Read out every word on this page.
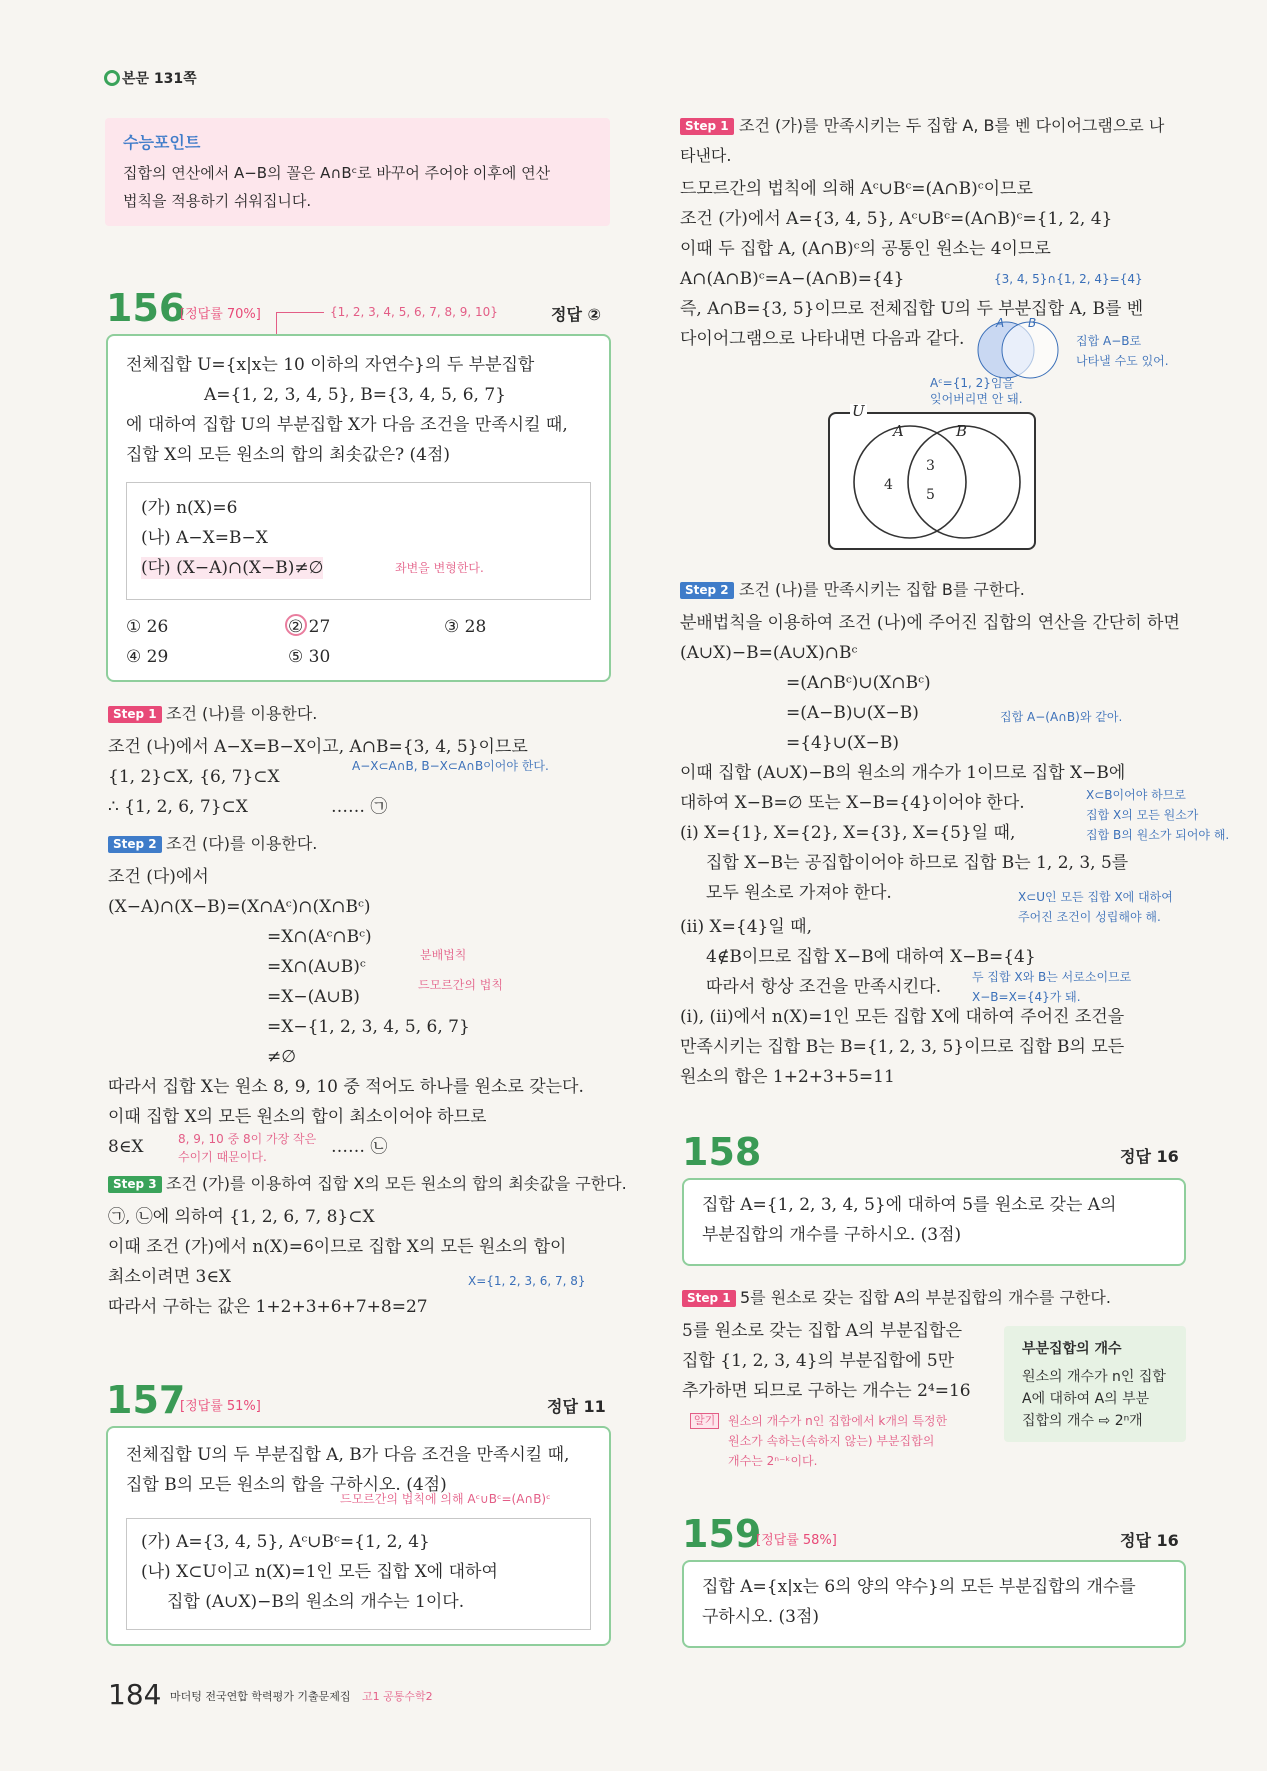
본문 131쪽
수능포인트
집합의 연산에서 A−B의 꼴은 A∩Bᶜ로 바꾸어 주어야 이후에 연산
법칙을 적용하기 쉬워집니다.
156
[정답률 70%]	{1, 2, 3, 4, 5, 6, 7, 8, 9, 10}	정답 ②
전체집합 U={x|x는 10 이하의 자연수}의 두 부분집합
A={1, 2, 3, 4, 5}, B={3, 4, 5, 6, 7}
에 대하여 집합 U의 부분집합 X가 다음 조건을 만족시킬 때,
집합 X의 모든 원소의 합의 최솟값은? (4점)
(가) n(X)=6
(나) A−X=B−X
(다) (X−A)∩(X−B)≠∅	좌변을 변형한다.
① 26	② 27	③ 28
④ 29	⑤ 30
Step 1 조건 (나)를 이용한다.
조건 (나)에서 A−X=B−X이고, A∩B={3, 4, 5}이므로
{1, 2}⊂X, {6, 7}⊂X
A−X⊂A∩B, B−X⊂A∩B이어야 한다.
∴ {1, 2, 6, 7}⊂X	…… ㉠
Step 2 조건 (다)를 이용한다.
조건 (다)에서
(X−A)∩(X−B)=(X∩Aᶜ)∩(X∩Bᶜ)
=X∩(Aᶜ∩Bᶜ)
분배법칙
=X∩(A∪B)ᶜ
드모르간의 법칙
=X−(A∪B)
=X−{1, 2, 3, 4, 5, 6, 7}
≠∅
따라서 집합 X는 원소 8, 9, 10 중 적어도 하나를 원소로 갖는다.
이때 집합 X의 모든 원소의 합이 최소이어야 하므로
8∈X	8, 9, 10 중 8이 가장 작은
수이기 때문이다.	…… ㉡
Step 3 조건 (가)를 이용하여 집합 X의 모든 원소의 합의 최솟값을 구한다.
㉠, ㉡에 의하여 {1, 2, 6, 7, 8}⊂X
이때 조건 (가)에서 n(X)=6이므로 집합 X의 모든 원소의 합이
최소이려면 3∈X	X={1, 2, 3, 6, 7, 8}
따라서 구하는 값은 1+2+3+6+7+8=27
157
[정답률 51%]	정답 11
전체집합 U의 두 부분집합 A, B가 다음 조건을 만족시킬 때,
집합 B의 모든 원소의 합을 구하시오. (4점)
드모르간의 법칙에 의해 Aᶜ∪Bᶜ=(A∩B)ᶜ
(가) A={3, 4, 5}, Aᶜ∪Bᶜ={1, 2, 4}
(나) X⊂U이고 n(X)=1인 모든 집합 X에 대하여
집합 (A∪X)−B의 원소의 개수는 1이다.
Step 1 조건 (가)를 만족시키는 두 집합 A, B를 벤 다이어그램으로 나
타낸다.
드모르간의 법칙에 의해 Aᶜ∪Bᶜ=(A∩B)ᶜ이므로
조건 (가)에서 A={3, 4, 5}, Aᶜ∪Bᶜ=(A∩B)ᶜ={1, 2, 4}
이때 두 집합 A, (A∩B)ᶜ의 공통인 원소는 4이므로
A∩(A∩B)ᶜ=A−(A∩B)={4}	{3, 4, 5}∩{1, 2, 4}={4}
즉, A∩B={3, 5}이므로 전체집합 U의 두 부분집합 A, B를 벤
다이어그램으로 나타내면 다음과 같다.
A B
집합 A−B로
나타낼 수도 있어.
Aᶜ={1, 2}임을
잊어버리면 안 돼.
U
A	B
4
3
5
Step 2 조건 (나)를 만족시키는 집합 B를 구한다.
분배법칙을 이용하여 조건 (나)에 주어진 집합의 연산을 간단히 하면
(A∪X)−B=(A∪X)∩Bᶜ
=(A∩Bᶜ)∪(X∩Bᶜ)
=(A−B)∪(X−B)	집합 A−(A∩B)와 같아.
={4}∪(X−B)
이때 집합 (A∪X)−B의 원소의 개수가 1이므로 집합 X−B에
대하여 X−B=∅ 또는 X−B={4}이어야 한다.	X⊂B이어야 하므로
집합 X의 모든 원소가
집합 B의 원소가 되어야 해.
(i) X={1}, X={2}, X={3}, X={5}일 때,
집합 X−B는 공집합이어야 하므로 집합 B는 1, 2, 3, 5를
모두 원소로 가져야 한다.	X⊂U인 모든 집합 X에 대하여
주어진 조건이 성립해야 해.
(ii) X={4}일 때,
4∉B이므로 집합 X−B에 대하여 X−B={4}
따라서 항상 조건을 만족시킨다.	두 집합 X와 B는 서로소이므로
X−B=X={4}가 돼.
(i), (ii)에서 n(X)=1인 모든 집합 X에 대하여 주어진 조건을
만족시키는 집합 B는 B={1, 2, 3, 5}이므로 집합 B의 모든
원소의 합은 1+2+3+5=11
158	정답 16
집합 A={1, 2, 3, 4, 5}에 대하여 5를 원소로 갖는 A의
부분집합의 개수를 구하시오. (3점)
Step 1 5를 원소로 갖는 집합 A의 부분집합의 개수를 구한다.
5를 원소로 갖는 집합 A의 부분집합은
집합 {1, 2, 3, 4}의 부분집합에 5만
추가하면 되므로 구하는 개수는 2⁴=16
알기	원소의 개수가 n인 집합에서 k개의 특정한
원소가 속하는(속하지 않는) 부분집합의
개수는 2ⁿ⁻ᵏ이다.
부분집합의 개수
원소의 개수가 n인 집합
A에 대하여 A의 부분
집합의 개수 ⇨ 2ⁿ개
159
[정답률 58%]	정답 16
집합 A={x|x는 6의 양의 약수}의 모든 부분집합의 개수를
구하시오. (3점)
184 마더텅 전국연합 학력평가 기출문제집 고1 공통수학2
